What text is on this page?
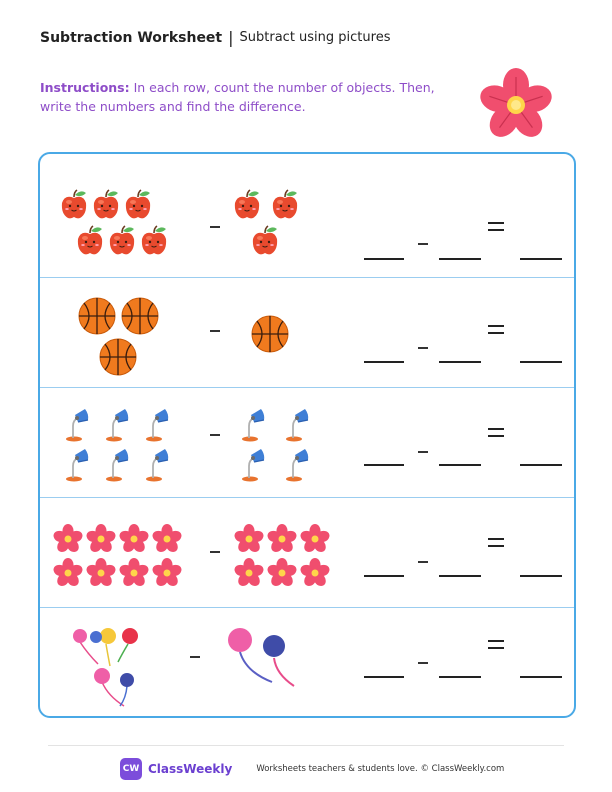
Subtraction Worksheet | Subtract using pictures
Instructions: In each row, count the number of objects. Then, write the numbers and find the difference.
CW ClassWeekly	Worksheets teachers & students love. © ClassWeekly.com
